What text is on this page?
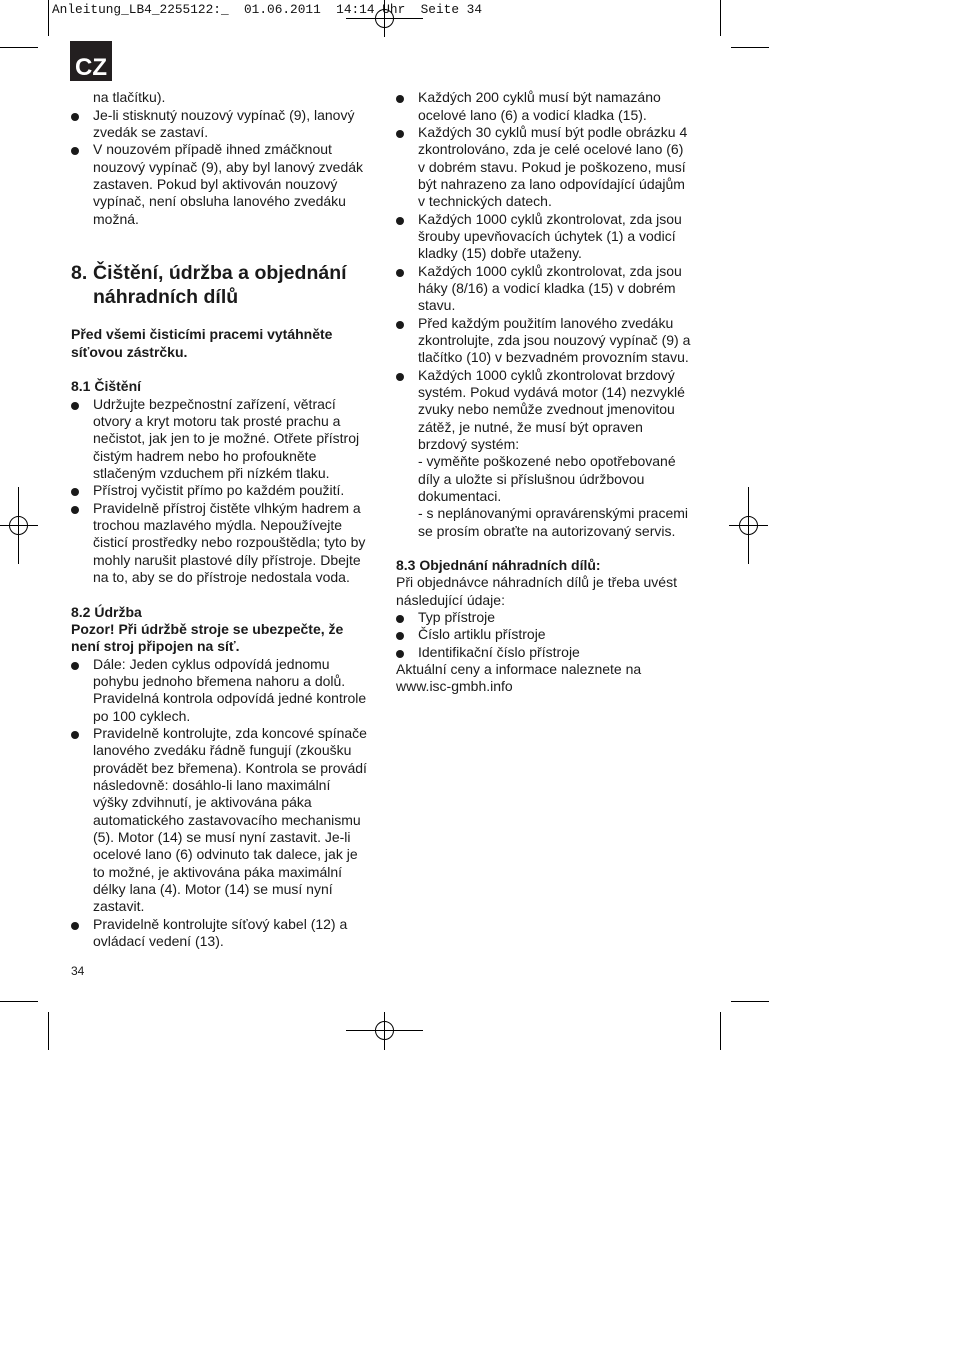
Anleitung_LB4_2255122:_  01.06.2011  14:14 Uhr  Seite 34
CZ
na tlačítku).
Je-li stisknutý nouzový vypínač (9), lanový
zvedák se zastaví.
V nouzovém případě ihned zmáčknout
nouzový vypínač (9), aby byl lanový zvedák
zastaven. Pokud byl aktivován nouzový
vypínač, není obsluha lanového zvedáku
možná.
8. Čištění, údržba a objednání
náhradních dílů
Před všemi čisticími pracemi vytáhněte
síťovou zástrčku.
8.1 Čištění
Udržujte bezpečnostní zařízení, větrací
otvory a kryt motoru tak prosté prachu a
nečistot, jak jen to je možné. Otřete přístroj
čistým hadrem nebo ho profoukněte
stlačeným vzduchem při nízkém tlaku.
Přístroj vyčistit přímo po každém použití.
Pravidelně přístroj čistěte vlhkým hadrem a
trochou mazlavého mýdla. Nepoužívejte
čisticí prostředky nebo rozpouštědla; tyto by
mohly narušit plastové díly přístroje. Dbejte
na to, aby se do přístroje nedostala voda.
8.2 Údržba
Pozor! Při údržbě stroje se ubezpečte, že
není stroj připojen na síť.
Dále: Jeden cyklus odpovídá jednomu
pohybu jednoho břemena nahoru a dolů.
Pravidelná kontrola odpovídá jedné kontrole
po 100 cyklech.
Pravidelně kontrolujte, zda koncové spínače
lanového zvedáku řádně fungují (zkoušku
provádět bez břemena). Kontrola se provádí
následovně: dosáhlo-li lano maximální
výšky zdvihnutí, je aktivována páka
automatického zastavovacího mechanismu
(5). Motor (14) se musí nyní zastavit. Je-li
ocelové lano (6) odvinuto tak dalece, jak je
to možné, je aktivována páka maximální
délky lana (4). Motor (14) se musí nyní
zastavit.
Pravidelně kontrolujte síťový kabel (12) a
ovládací vedení (13).
Každých 200 cyklů musí být namazáno
ocelové lano (6) a vodicí kladka (15).
Každých 30 cyklů musí být podle obrázku 4
zkontrolováno, zda je celé ocelové lano (6)
v dobrém stavu. Pokud je poškozeno, musí
být nahrazeno za lano odpovídající údajům
v technických datech.
Každých 1000 cyklů zkontrolovat, zda jsou
šrouby upevňovacích úchytek (1) a vodicí
kladky (15) dobře utaženy.
Každých 1000 cyklů zkontrolovat, zda jsou
háky (8/16) a vodicí kladka (15) v dobrém
stavu.
Před každým použitím lanového zvedáku
zkontrolujte, zda jsou nouzový vypínač (9) a
tlačítko (10) v bezvadném provozním stavu.
Každých 1000 cyklů zkontrolovat brzdový
systém. Pokud vydává motor (14) nezvyklé
zvuky nebo nemůže zvednout jmenovitou
zátěž, je nutné, že musí být opraven
brzdový systém:
- vyměňte poškozené nebo opotřebované
díly a uložte si příslušnou údržbovou
dokumentaci.
- s neplánovanými opravárenskými pracemi
se prosím obraťte na autorizovaný servis.
8.3 Objednání náhradních dílů:
Při objednávce náhradních dílů je třeba uvést
následující údaje:
Typ přístroje
Číslo artiklu přístroje
Identifikační číslo přístroje
Aktuální ceny a informace naleznete na
www.isc-gmbh.info
34
